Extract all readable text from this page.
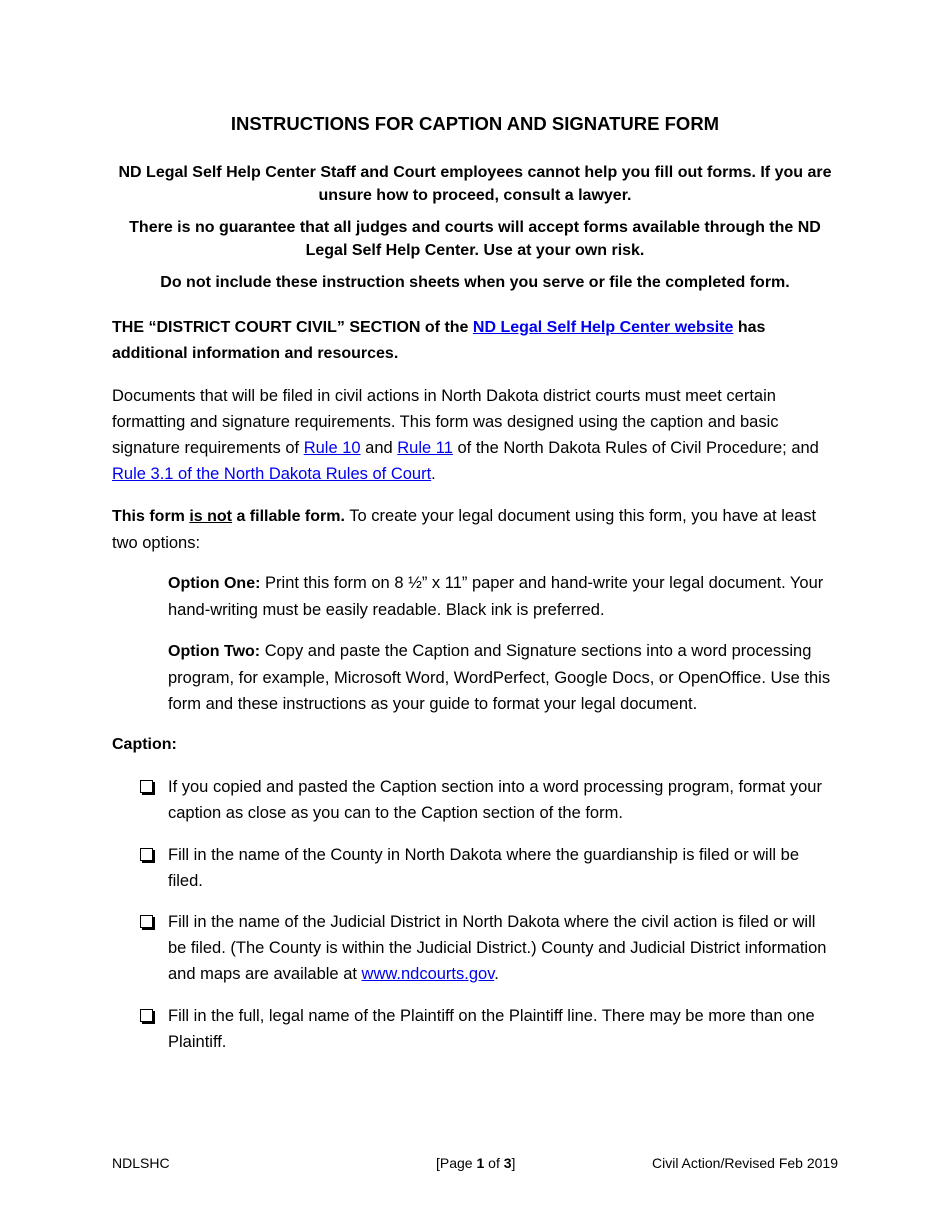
INSTRUCTIONS FOR CAPTION AND SIGNATURE FORM
ND Legal Self Help Center Staff and Court employees cannot help you fill out forms. If you are unsure how to proceed, consult a lawyer.
There is no guarantee that all judges and courts will accept forms available through the ND Legal Self Help Center. Use at your own risk.
Do not include these instruction sheets when you serve or file the completed form.
THE “DISTRICT COURT CIVIL” SECTION of the ND Legal Self Help Center website has additional information and resources.
Documents that will be filed in civil actions in North Dakota district courts must meet certain formatting and signature requirements. This form was designed using the caption and basic signature requirements of Rule 10 and Rule 11 of the North Dakota Rules of Civil Procedure; and Rule 3.1 of the North Dakota Rules of Court.
This form is not a fillable form. To create your legal document using this form, you have at least two options:
Option One: Print this form on 8 ½” x 11” paper and hand-write your legal document. Your hand-writing must be easily readable. Black ink is preferred.
Option Two: Copy and paste the Caption and Signature sections into a word processing program, for example, Microsoft Word, WordPerfect, Google Docs, or OpenOffice. Use this form and these instructions as your guide to format your legal document.
Caption:
If you copied and pasted the Caption section into a word processing program, format your caption as close as you can to the Caption section of the form.
Fill in the name of the County in North Dakota where the guardianship is filed or will be filed.
Fill in the name of the Judicial District in North Dakota where the civil action is filed or will be filed. (The County is within the Judicial District.) County and Judicial District information and maps are available at www.ndcourts.gov.
Fill in the full, legal name of the Plaintiff on the Plaintiff line. There may be more than one Plaintiff.
NDLSHC	[Page 1 of 3]	Civil Action/Revised Feb 2019
